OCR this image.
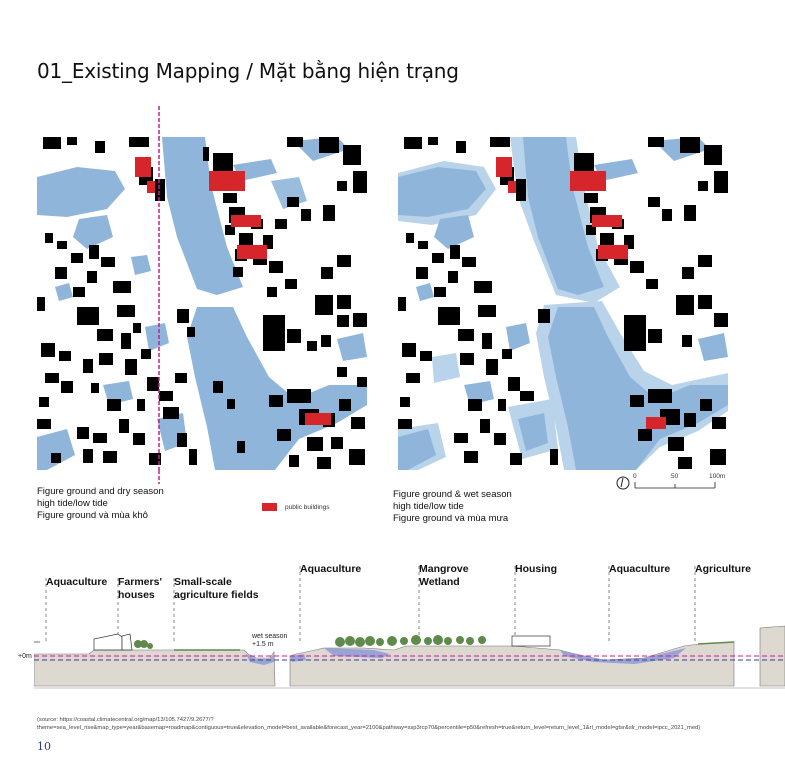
01_Existing Mapping / Mặt bằng hiện trạng
Figure ground and dry season
high tide/low tide
Figure ground và mùa khô
Figure ground & wet season
high tide/low tide
Figure ground và mùa mưa
public buildings
0	50	100m
Aquaculture Farmers'
houses
Small-scale
agriculture fields
Aquaculture	Mangrove
Wetland
Housing	Aquaculture Agriculture
wet season
+1.5 m
+0m
(source: https://coastal.climatecentral.org/map/13/105.7427/9.2677/?theme=sea_level_rise&map_type=year&basemap=roadmap&contiguous=true&elevation_model=best_available&forecast_year=2100&pathway=ssp3rcp70&percentile=p50&refresh=true&return_level=return_level_1&rl_model=gtsr&slr_model=ipcc_2021_med)
10
